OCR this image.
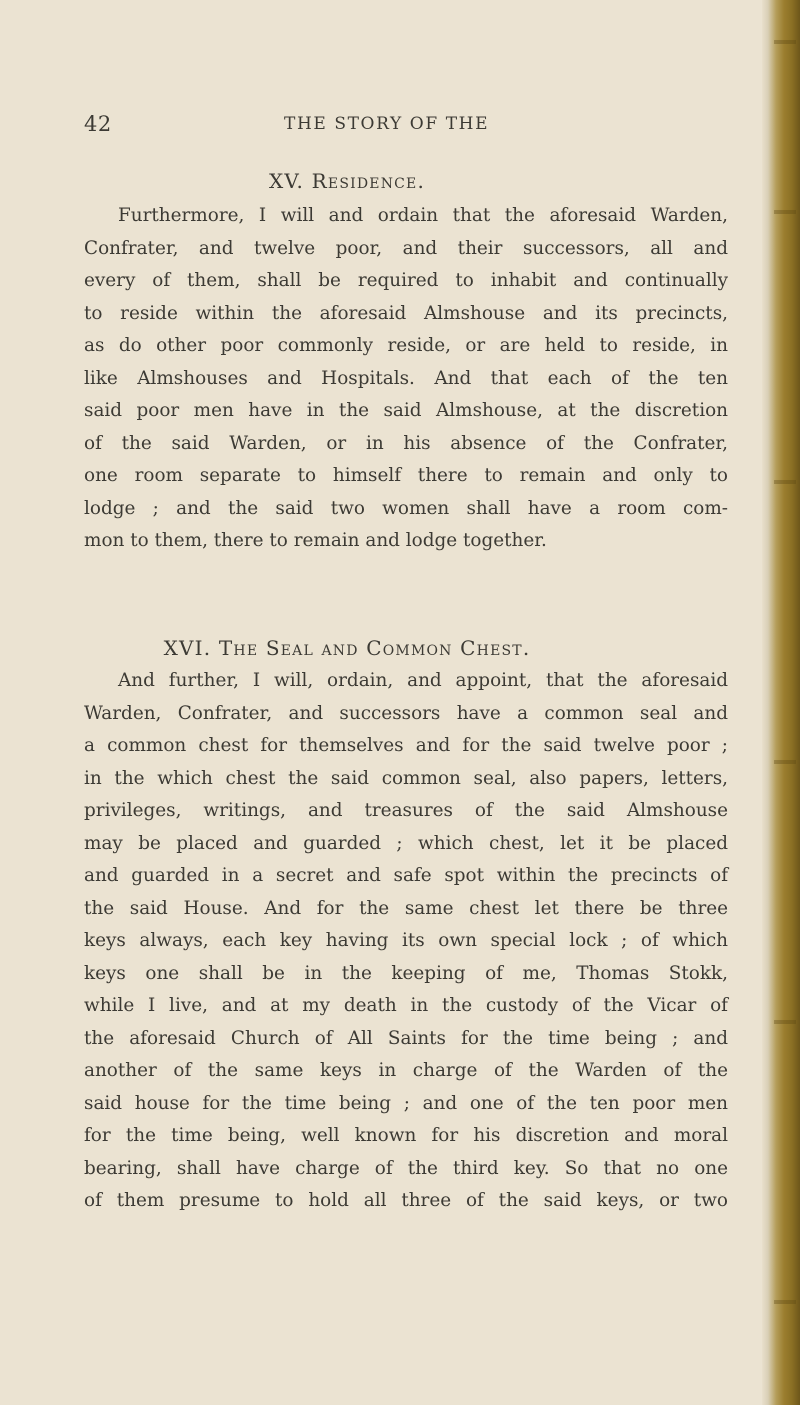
42	THE STORY OF THE
XV. Residence.
Furthermore, I will and ordain that the aforesaid Warden,
Confrater, and twelve poor, and their successors, all and
every of them, shall be required to inhabit and continually
to reside within the aforesaid Almshouse and its precincts,
as do other poor commonly reside, or are held to reside, in
like Almshouses and Hospitals. And that each of the ten
said poor men have in the said Almshouse, at the discretion
of the said Warden, or in his absence of the Confrater,
one room separate to himself there to remain and only to
lodge ; and the said two women shall have a room com-
mon to them, there to remain and lodge together.
XVI. The Seal and Common Chest.
And further, I will, ordain, and appoint, that the aforesaid
Warden, Confrater, and successors have a common seal and
a common chest for themselves and for the said twelve poor ;
in the which chest the said common seal, also papers, letters,
privileges, writings, and treasures of the said Almshouse
may be placed and guarded ; which chest, let it be placed
and guarded in a secret and safe spot within the precincts of
the said House. And for the same chest let there be three
keys always, each key having its own special lock ; of which
keys one shall be in the keeping of me, Thomas Stokk,
while I live, and at my death in the custody of the Vicar of
the aforesaid Church of All Saints for the time being ; and
another of the same keys in charge of the Warden of the
said house for the time being ; and one of the ten poor men
for the time being, well known for his discretion and moral
bearing, shall have charge of the third key. So that no one
of them presume to hold all three of the said keys, or two
